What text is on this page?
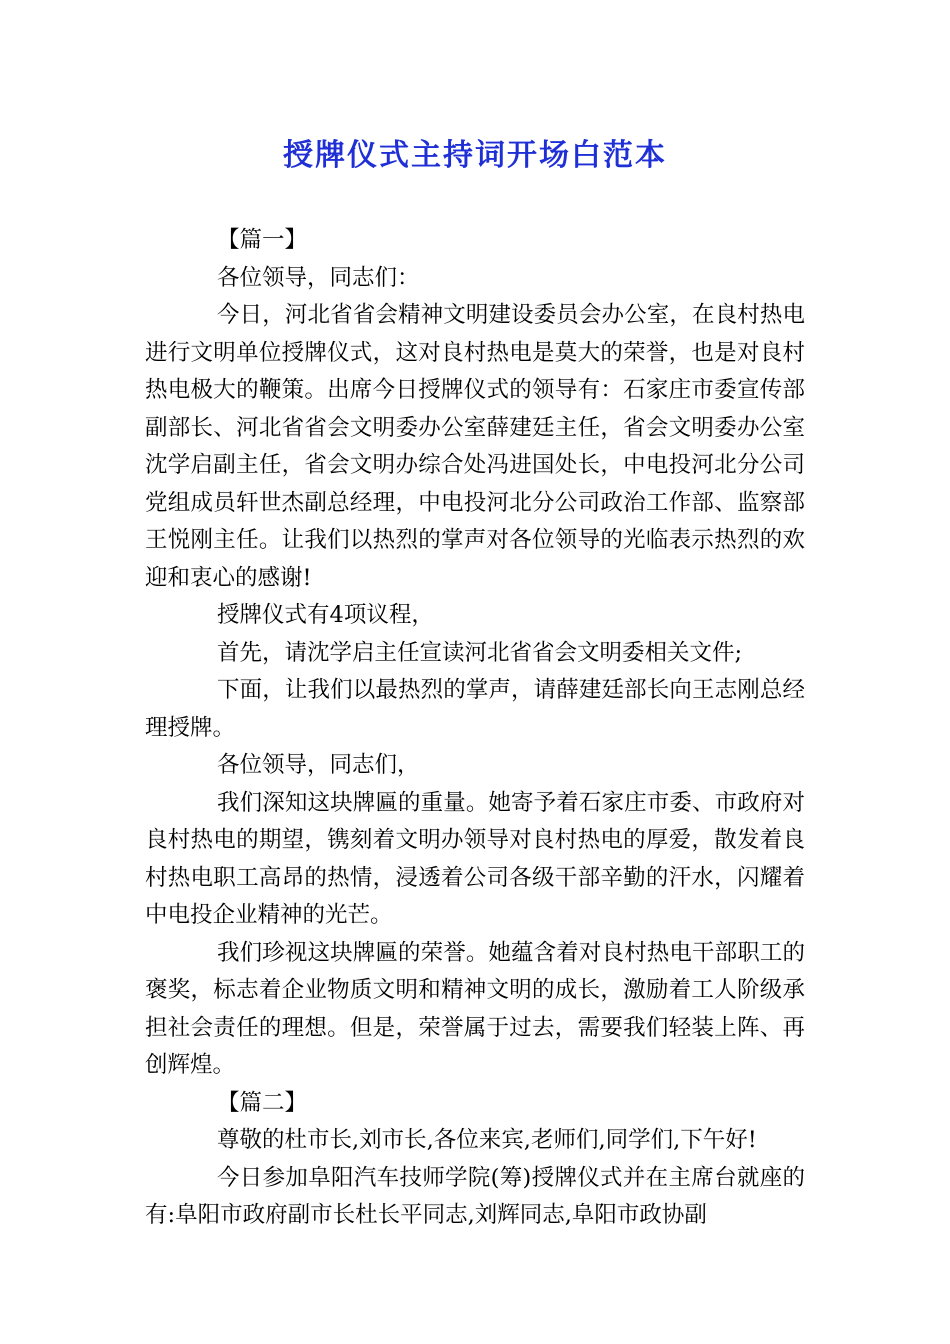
授牌仪式主持词开场白范本

【篇一】

各位领导，同志们：

今日，河北省省会精神文明建设委员会办公室，在良村热电进行文明单位授牌仪式，这对良村热电是莫大的荣誉，也是对良村热电极大的鞭策。出席今日授牌仪式的领导有：石家庄市委宣传部副部长、河北省省会文明委办公室薛建廷主任，省会文明委办公室沈学启副主任，省会文明办综合处冯进国处长，中电投河北分公司党组成员轩世杰副总经理，中电投河北分公司政治工作部、监察部王悦刚主任。让我们以热烈的掌声对各位领导的光临表示热烈的欢迎和衷心的感谢!

授牌仪式有4项议程，

首先，请沈学启主任宣读河北省省会文明委相关文件;

下面，让我们以最热烈的掌声，请薛建廷部长向王志刚总经理授牌。

各位领导，同志们，

我们深知这块牌匾的重量。她寄予着石家庄市委、市政府对良村热电的期望，镌刻着文明办领导对良村热电的厚爱，散发着良村热电职工高昂的热情，浸透着公司各级干部辛勤的汗水，闪耀着中电投企业精神的光芒。

我们珍视这块牌匾的荣誉。她蕴含着对良村热电干部职工的褒奖，标志着企业物质文明和精神文明的成长，激励着工人阶级承担社会责任的理想。但是，荣誉属于过去，需要我们轻装上阵、再创辉煌。

【篇二】

尊敬的杜市长,刘市长,各位来宾,老师们,同学们,下午好!

今日参加阜阳汽车技师学院(筹)授牌仪式并在主席台就座的有:阜阳市政府副市长杜长平同志,刘辉同志,阜阳市政协副
